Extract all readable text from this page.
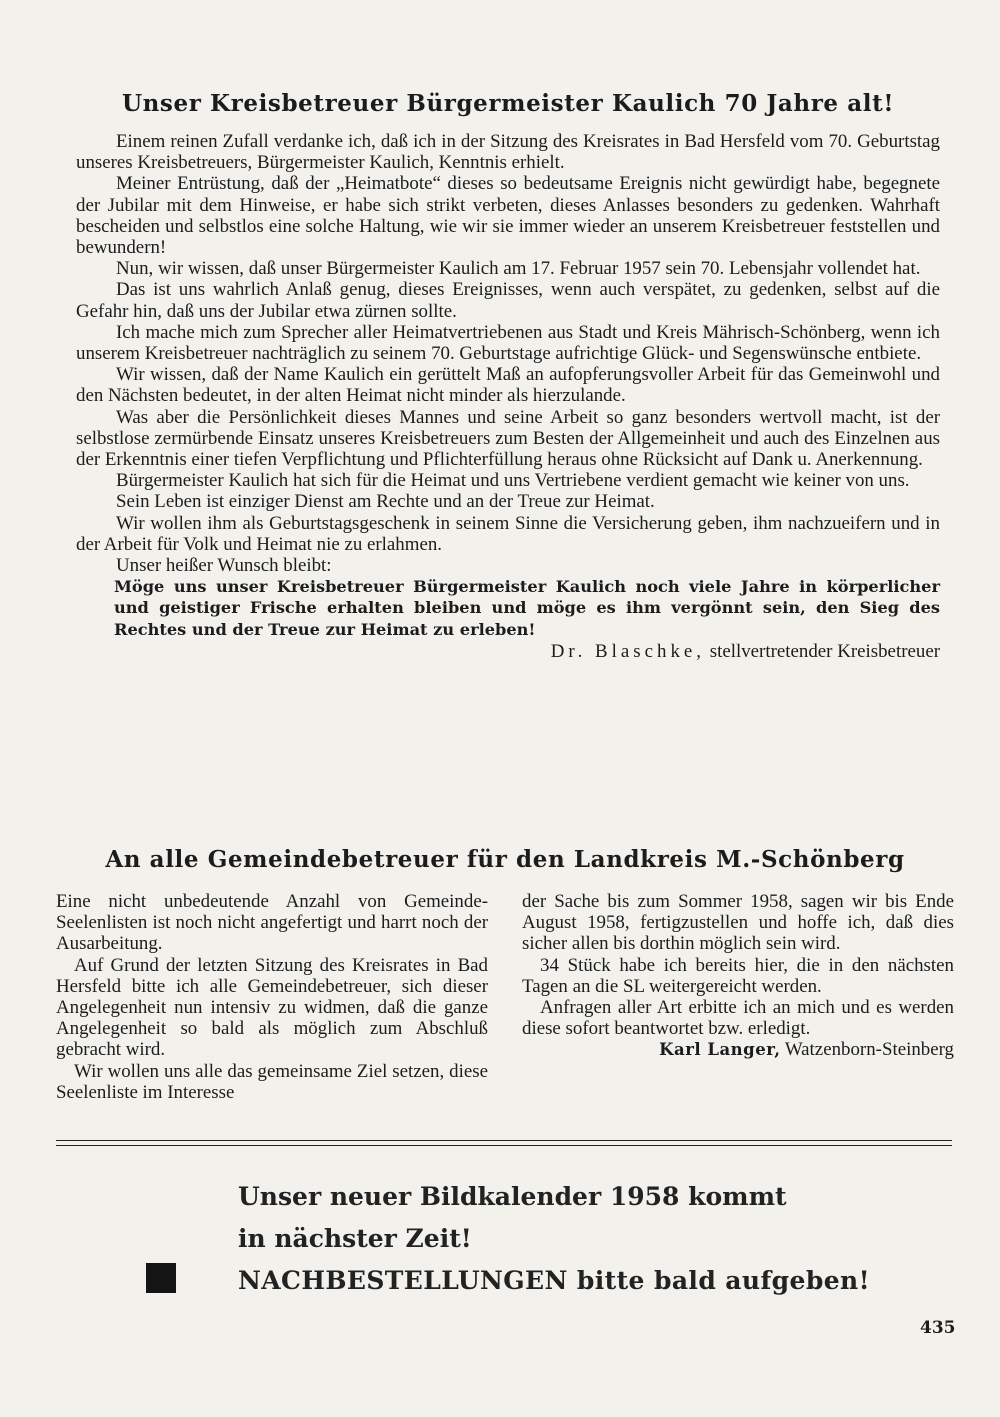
Unser Kreisbetreuer Bürgermeister Kaulich 70 Jahre alt!

Einem reinen Zufall verdanke ich, daß ich in der Sitzung des Kreisrates in Bad Hersfeld vom 70. Geburtstag unseres Kreisbetreuers, Bürgermeister Kaulich, Kenntnis erhielt.

Meiner Entrüstung, daß der „Heimatbote“ dieses so bedeutsame Ereignis nicht gewürdigt habe, begegnete der Jubilar mit dem Hinweise, er habe sich strikt verbeten, dieses Anlasses besonders zu gedenken. Wahrhaft bescheiden und selbstlos eine solche Haltung, wie wir sie immer wieder an unserem Kreisbetreuer feststellen und bewundern!

Nun, wir wissen, daß unser Bürgermeister Kaulich am 17. Februar 1957 sein 70. Lebensjahr vollendet hat.

Das ist uns wahrlich Anlaß genug, dieses Ereignisses, wenn auch verspätet, zu gedenken, selbst auf die Gefahr hin, daß uns der Jubilar etwa zürnen sollte.

Ich mache mich zum Sprecher aller Heimatvertriebenen aus Stadt und Kreis Mährisch-Schönberg, wenn ich unserem Kreisbetreuer nachträglich zu seinem 70. Geburtstage aufrichtige Glück- und Segenswünsche entbiete.

Wir wissen, daß der Name Kaulich ein gerüttelt Maß an aufopferungsvoller Arbeit für das Gemeinwohl und den Nächsten bedeutet, in der alten Heimat nicht minder als hierzulande.

Was aber die Persönlichkeit dieses Mannes und seine Arbeit so ganz besonders wertvoll macht, ist der selbstlose zermürbende Einsatz unseres Kreisbetreuers zum Besten der Allgemeinheit und auch des Einzelnen aus der Erkenntnis einer tiefen Verpflichtung und Pflichterfüllung heraus ohne Rücksicht auf Dank u. Anerkennung.

Bürgermeister Kaulich hat sich für die Heimat und uns Vertriebene verdient gemacht wie keiner von uns.

Sein Leben ist einziger Dienst am Rechte und an der Treue zur Heimat.

Wir wollen ihm als Geburtstagsgeschenk in seinem Sinne die Versicherung geben, ihm nachzueifern und in der Arbeit für Volk und Heimat nie zu erlahmen.

Unser heißer Wunsch bleibt:

Möge uns unser Kreisbetreuer Bürgermeister Kaulich noch viele Jahre in körperlicher und geistiger Frische erhalten bleiben und möge es ihm vergönnt sein, den Sieg des Rechtes und der Treue zur Heimat zu erleben!
Dr. Blaschke, stellvertretender Kreisbetreuer
An alle Gemeindebetreuer für den Landkreis M.-Schönberg

Eine nicht unbedeutende Anzahl von Gemeinde-Seelenlisten ist noch nicht angefertigt und harrt noch der Ausarbeitung.

Auf Grund der letzten Sitzung des Kreisrates in Bad Hersfeld bitte ich alle Gemeindebetreuer, sich dieser Angelegenheit nun intensiv zu widmen, daß die ganze Angelegenheit so bald als möglich zum Abschluß gebracht wird.

Wir wollen uns alle das gemeinsame Ziel setzen, diese Seelenliste im Interesse

der Sache bis zum Sommer 1958, sagen wir bis Ende August 1958, fertigzustellen und hoffe ich, daß dies sicher allen bis dorthin möglich sein wird.

34 Stück habe ich bereits hier, die in den nächsten Tagen an die SL weitergereicht werden.

Anfragen aller Art erbitte ich an mich und es werden diese sofort beantwortet bzw. erledigt.

Karl Langer, Watzenborn-Steinberg
Unser neuer Bildkalender 1958 kommt
in nächster Zeit!
NACHBESTELLUNGEN bitte bald aufgeben!
435
